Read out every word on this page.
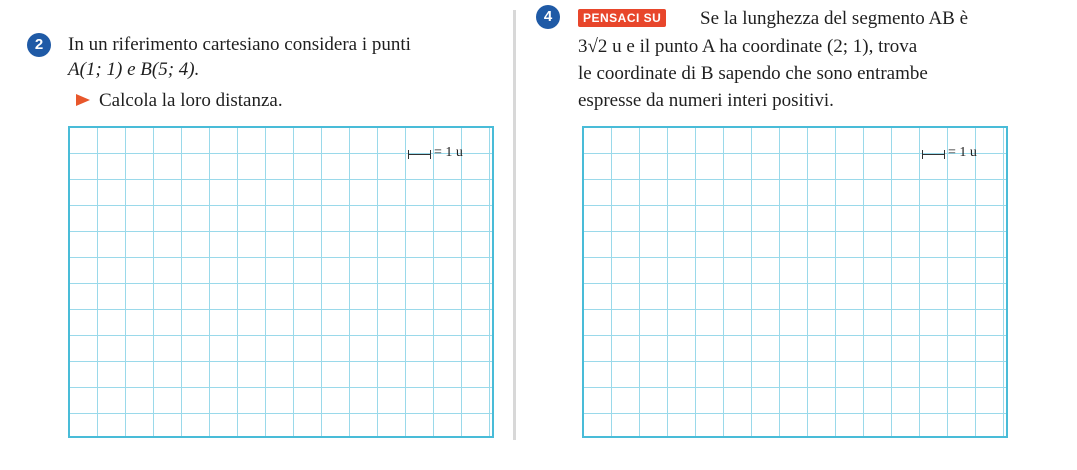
2	In un riferimento cartesiano considera i punti
A(1; 1) e B(5; 4).
Calcola la loro distanza.
= 1 u
4	PENSACI SU Se la lunghezza del segmento AB è
3√2 u e il punto A ha coordinate (2; 1), trova
le coordinate di B sapendo che sono entrambe
espresse da numeri interi positivi.
= 1 u
